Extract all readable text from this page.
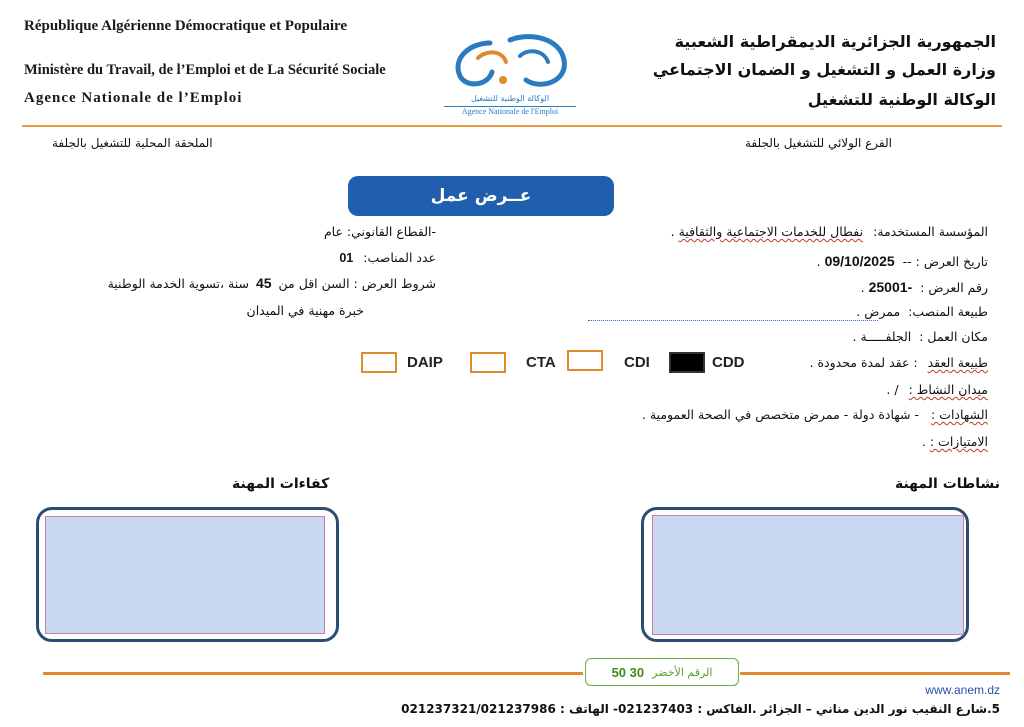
République Algérienne Démocratique et Populaire
Ministère du Travail, de l’Emploi et de La Sécurité Sociale
Agence Nationale de l’Emploi	الوكالة الوطنية للتشغيل
Agence Nationale de l'Emploi
الجمهورية الجزائرية الديمقراطية الشعبية
وزارة العمل و التشغيل و الضمان الاجتماعي
الوكالة الوطنية للتشغيل
الملحقة المحلية للتشغيل بالجلفة	الفرع الولائي للتشغيل بالجلفة
عــرض عمل
المؤسسة المستخدمة: نفطال للخدمات الاجتماعية والثقافية .
تاريخ العرض : -- 09/10/2025 .
رقم العرض : -25001 .
طبيعة المنصب: ممرض .
مكان العمل : الجلفـــــة .
طبيعة العقد : عقد لمدة محدودة .
ميدان النشاط : / .
الشهادات : - شهادة دولة - ممرض متخصص في الصحة العمومية .
الامتيازات : .
-القطاع القانوني: عام
عدد المناصب: 01
شروط العرض : السن اقل من 45 سنة ،تسوية الخدمة الوطنية
خبرة مهنية في الميدان
DAIP	CTA	CDI	CDD
كفاءات المهنة	نشاطات المهنة
الرقم الأخضر
30 50
www.anem.dz
5.شارع النقيب نور الدين مناني – الجزائر .الفاكس : 021237403- الهاتف : 021237321/021237986
